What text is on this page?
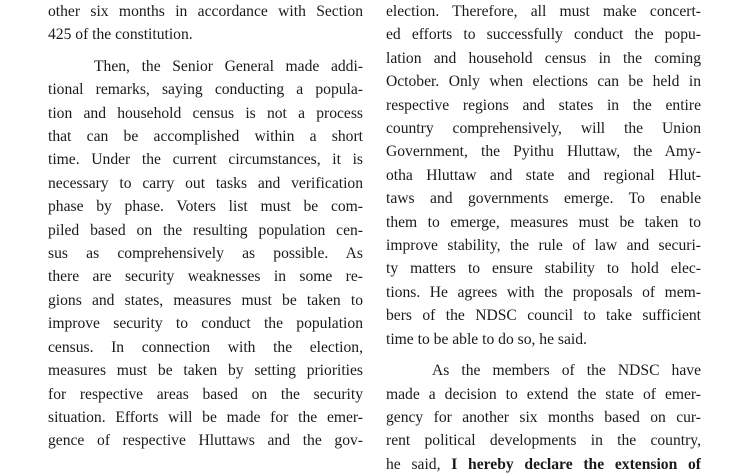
other six months in accordance with Section
425 of the constitution.

Then, the Senior General made addi-
tional remarks, saying conducting a popula-
tion and household census is not a process
that can be accomplished within a short
time. Under the current circumstances, it is
necessary to carry out tasks and verification
phase by phase. Voters list must be com-
piled based on the resulting population cen-
sus as comprehensively as possible. As
there are security weaknesses in some re-
gions and states, measures must be taken to
improve security to conduct the population
census. In connection with the election,
measures must be taken by setting priorities
for respective areas based on the security
situation. Efforts will be made for the emer-
gence of respective Hluttaws and the gov-

election. Therefore, all must make concert-
ed efforts to successfully conduct the popu-
lation and household census in the coming
October. Only when elections can be held in
respective regions and states in the entire
country comprehensively, will the Union
Government, the Pyithu Hluttaw, the Amy-
otha Hluttaw and state and regional Hlut-
taws and governments emerge. To enable
them to emerge, measures must be taken to
improve stability, the rule of law and securi-
ty matters to ensure stability to hold elec-
tions. He agrees with the proposals of mem-
bers of the NDSC council to take sufficient
time to be able to do so, he said.

As the members of the NDSC have
made a decision to extend the state of emer-
gency for another six months based on cur-
rent political developments in the country,
he said, I hereby declare the extension of
